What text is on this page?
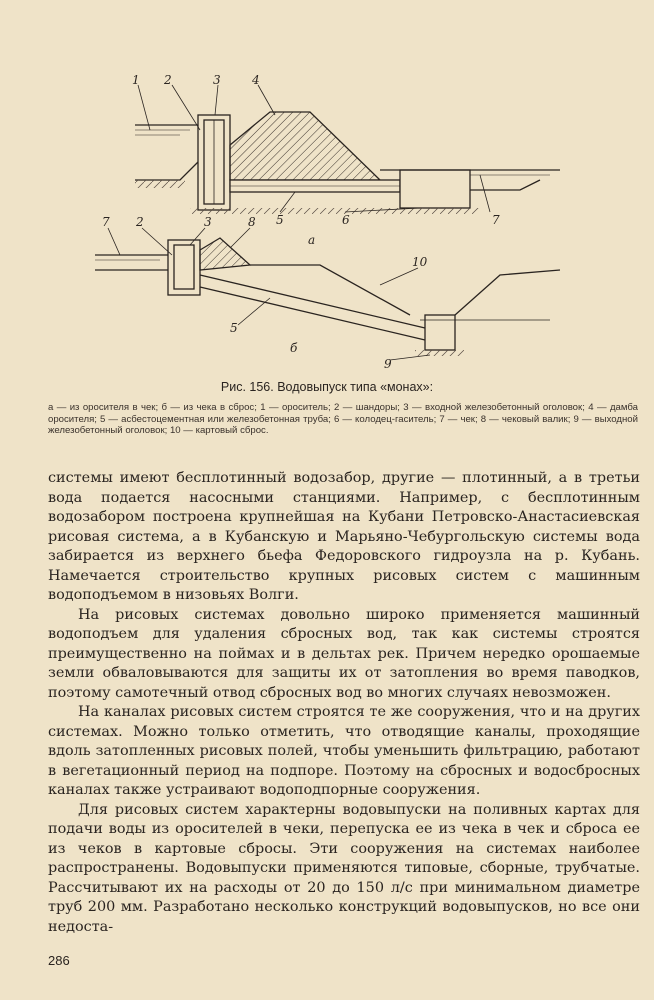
1 2	3	4
5	6	7
а
7 2	3	8
10
5
9
б
Рис. 156. Водовыпуск типа «монах»:
а — из оросителя в чек; б — из чека в сброс; 1 — ороситель; 2 — шандоры; 3 — входной железобетонный оголовок; 4 — дамба оросителя; 5 — асбестоцементная или железобетонная труба; 6 — колодец-гаситель; 7 — чек; 8 — чековый валик; 9 — выходной железобетонный оголовок; 10 — картовый сброс.

системы имеют бесплотинный водозабор, другие — плотинный, а в третьи вода подается насосными станциями. Например, с бесплотинным водозабором построена крупнейшая на Кубани Петровско-Анастасиевская рисовая система, а в Кубанскую и Марьяно-Чебургольскую системы вода забирается из верхнего бьефа Федоровского гидроузла на р. Кубань. Намечается строительство крупных рисовых систем с машинным водоподъемом в низовьях Волги.

На рисовых системах довольно широко применяется машинный водоподъем для удаления сбросных вод, так как системы строятся преимущественно на поймах и в дельтах рек. Причем нередко орошаемые земли обваловываются для защиты их от затопления во время паводков, поэтому самотечный отвод сбросных вод во многих случаях невозможен.

На каналах рисовых систем строятся те же сооружения, что и на других системах. Можно только отметить, что отводящие каналы, проходящие вдоль затопленных рисовых полей, чтобы уменьшить фильтрацию, работают в вегетационный период на подпоре. Поэтому на сбросных и водосбросных каналах также устраивают водоподпорные сооружения.

Для рисовых систем характерны водовыпуски на поливных картах для подачи воды из оросителей в чеки, перепуска ее из чека в чек и сброса ее из чеков в картовые сбросы. Эти сооружения на системах наиболее распространены. Водовыпуски применяются типовые, сборные, трубчатые. Рассчитывают их на расходы от 20 до 150 л/с при минимальном диаметре труб 200 мм. Разработано несколько конструкций водовыпусков, но все они недоста-

286
